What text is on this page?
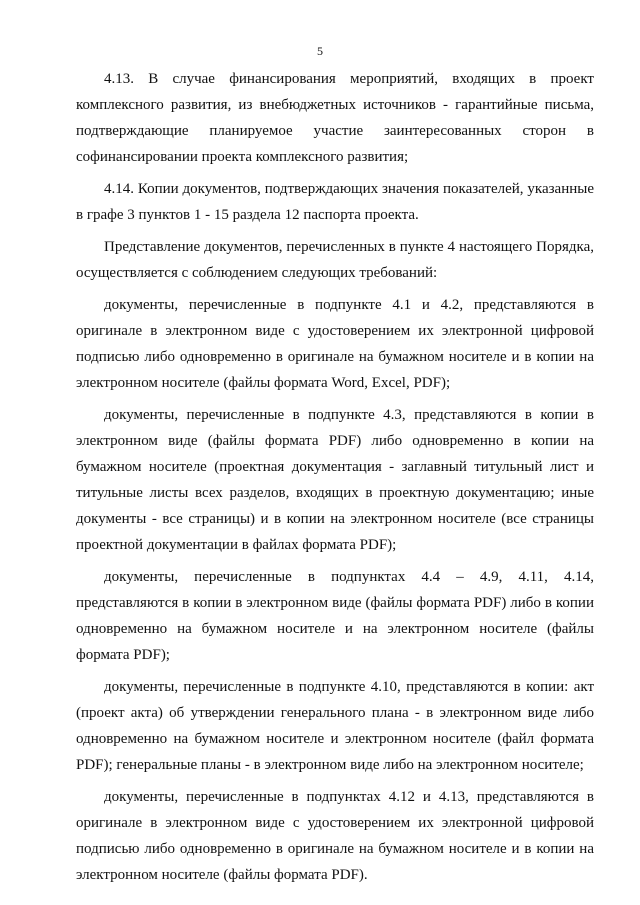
5

4.13. В случае финансирования мероприятий, входящих в проект комплексного развития, из внебюджетных источников - гарантийные письма, подтверждающие планируемое участие заинтересованных сторон в софинансировании проекта комплексного развития;

4.14. Копии документов, подтверждающих значения показателей, указанные в графе 3 пунктов 1 - 15 раздела 12 паспорта проекта.

Представление документов, перечисленных в пункте 4 настоящего Порядка, осуществляется с соблюдением следующих требований:

документы, перечисленные в подпункте 4.1 и 4.2, представляются в оригинале в электронном виде с удостоверением их электронной цифровой подписью либо одновременно в оригинале на бумажном носителе и в копии на электронном носителе (файлы формата Word, Excel, PDF);

документы, перечисленные в подпункте 4.3, представляются в копии в электронном виде (файлы формата PDF) либо одновременно в копии на бумажном носителе (проектная документация - заглавный титульный лист и титульные листы всех разделов, входящих в проектную документацию; иные документы - все страницы) и в копии на электронном носителе (все страницы проектной документации в файлах формата PDF);

документы, перечисленные в подпунктах 4.4 – 4.9, 4.11, 4.14, представляются в копии в электронном виде (файлы формата PDF) либо в копии одновременно на бумажном носителе и на электронном носителе (файлы формата PDF);

документы, перечисленные в подпункте 4.10, представляются в копии: акт (проект акта) об утверждении генерального плана - в электронном виде либо одновременно на бумажном носителе и электронном носителе (файл формата PDF); генеральные планы - в электронном виде либо на электронном носителе;

документы, перечисленные в подпунктах 4.12 и 4.13, представляются в оригинале в электронном виде с удостоверением их электронной цифровой подписью либо одновременно в оригинале на бумажном носителе и в копии на электронном носителе (файлы формата PDF).
